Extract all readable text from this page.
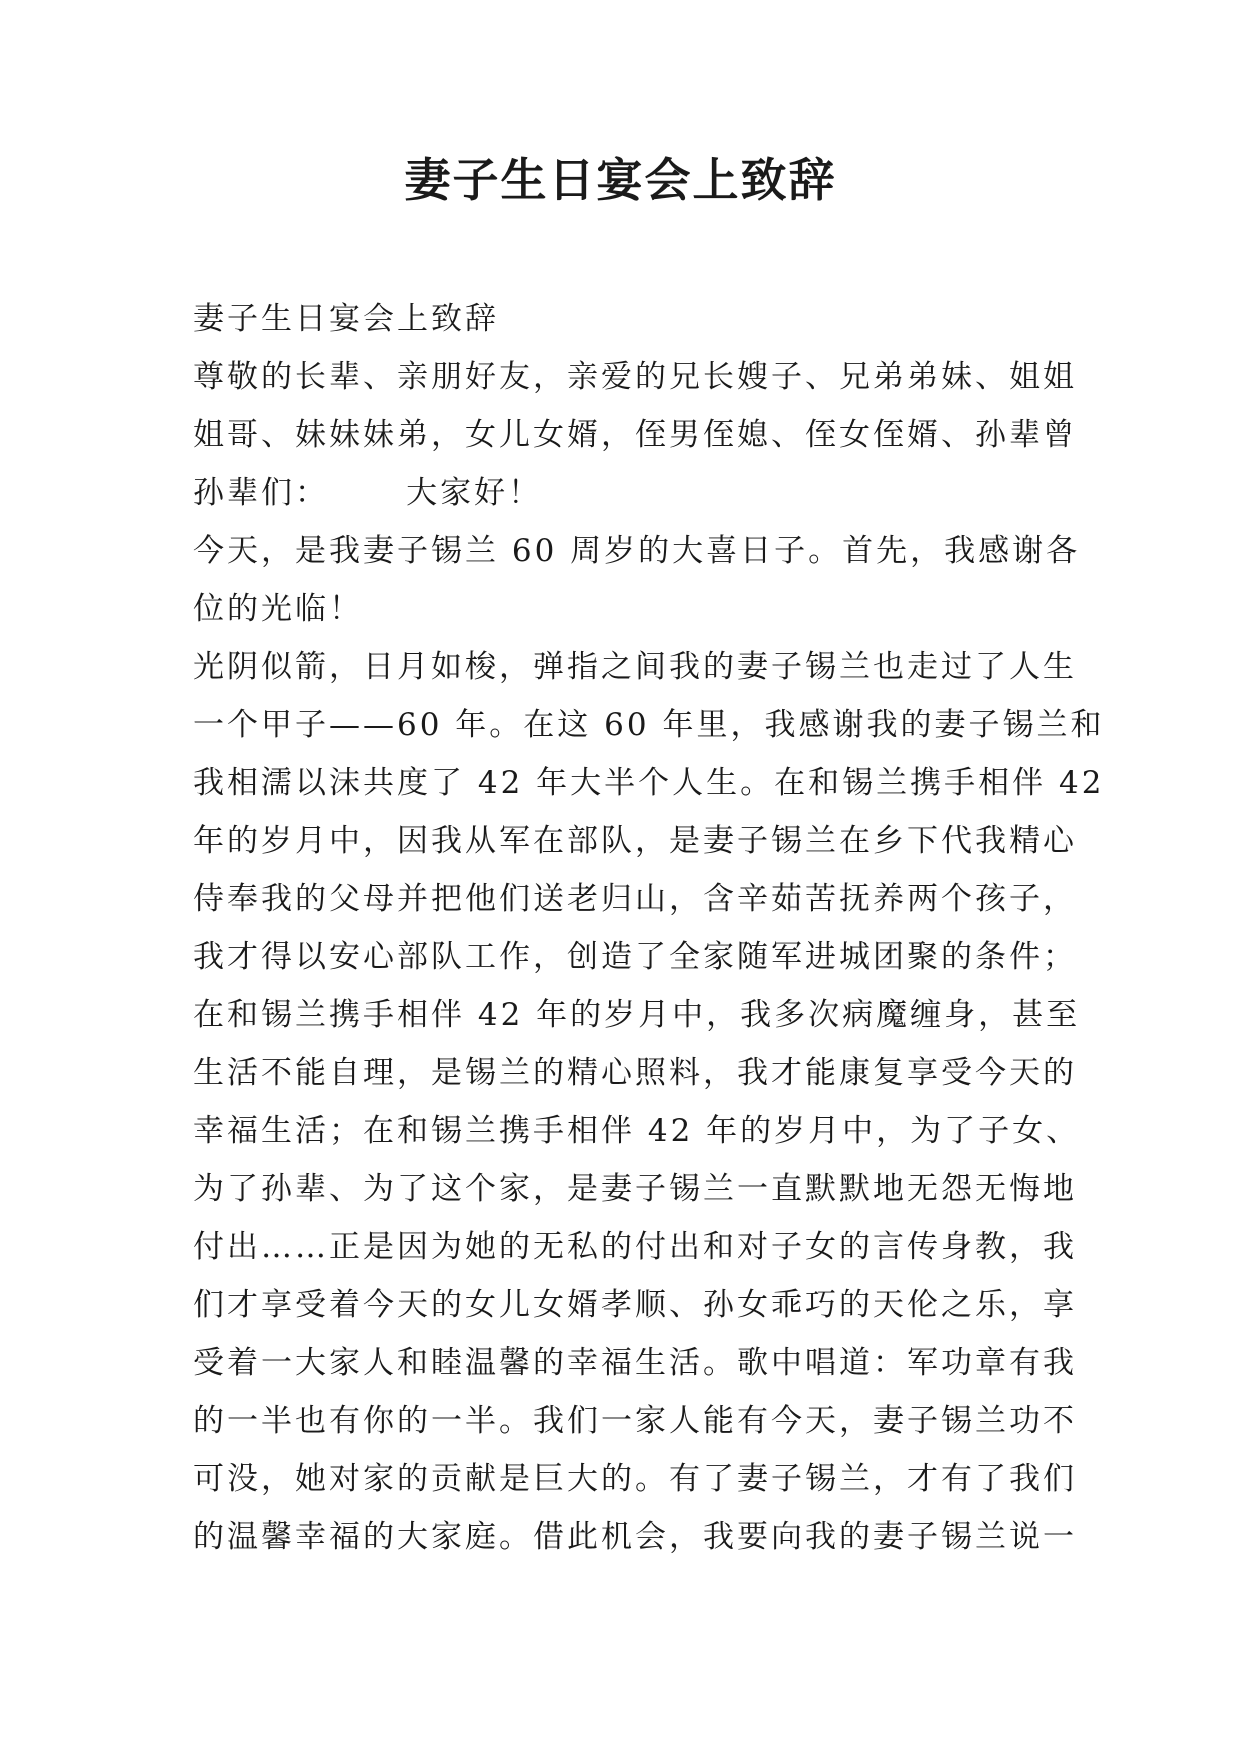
妻子生日宴会上致辞
妻子生日宴会上致辞
尊敬的长辈、亲朋好友，亲爱的兄长嫂子、兄弟弟妹、姐姐
姐哥、妹妹妹弟，女儿女婿，侄男侄媳、侄女侄婿、孙辈曾
孙辈们：      大家好！
今天，是我妻子锡兰 60 周岁的大喜日子。首先，我感谢各
位的光临！
光阴似箭，日月如梭，弹指之间我的妻子锡兰也走过了人生
一个甲子——60 年。在这 60 年里，我感谢我的妻子锡兰和
我相濡以沫共度了 42 年大半个人生。在和锡兰携手相伴 42
年的岁月中，因我从军在部队，是妻子锡兰在乡下代我精心
侍奉我的父母并把他们送老归山，含辛茹苦抚养两个孩子，
我才得以安心部队工作，创造了全家随军进城团聚的条件；
在和锡兰携手相伴 42 年的岁月中，我多次病魔缠身，甚至
生活不能自理，是锡兰的精心照料，我才能康复享受今天的
幸福生活；在和锡兰携手相伴 42 年的岁月中，为了子女、
为了孙辈、为了这个家，是妻子锡兰一直默默地无怨无悔地
付出……正是因为她的无私的付出和对子女的言传身教，我
们才享受着今天的女儿女婿孝顺、孙女乖巧的天伦之乐，享
受着一大家人和睦温馨的幸福生活。歌中唱道：军功章有我
的一半也有你的一半。我们一家人能有今天，妻子锡兰功不
可没，她对家的贡献是巨大的。有了妻子锡兰，才有了我们
的温馨幸福的大家庭。借此机会，我要向我的妻子锡兰说一
